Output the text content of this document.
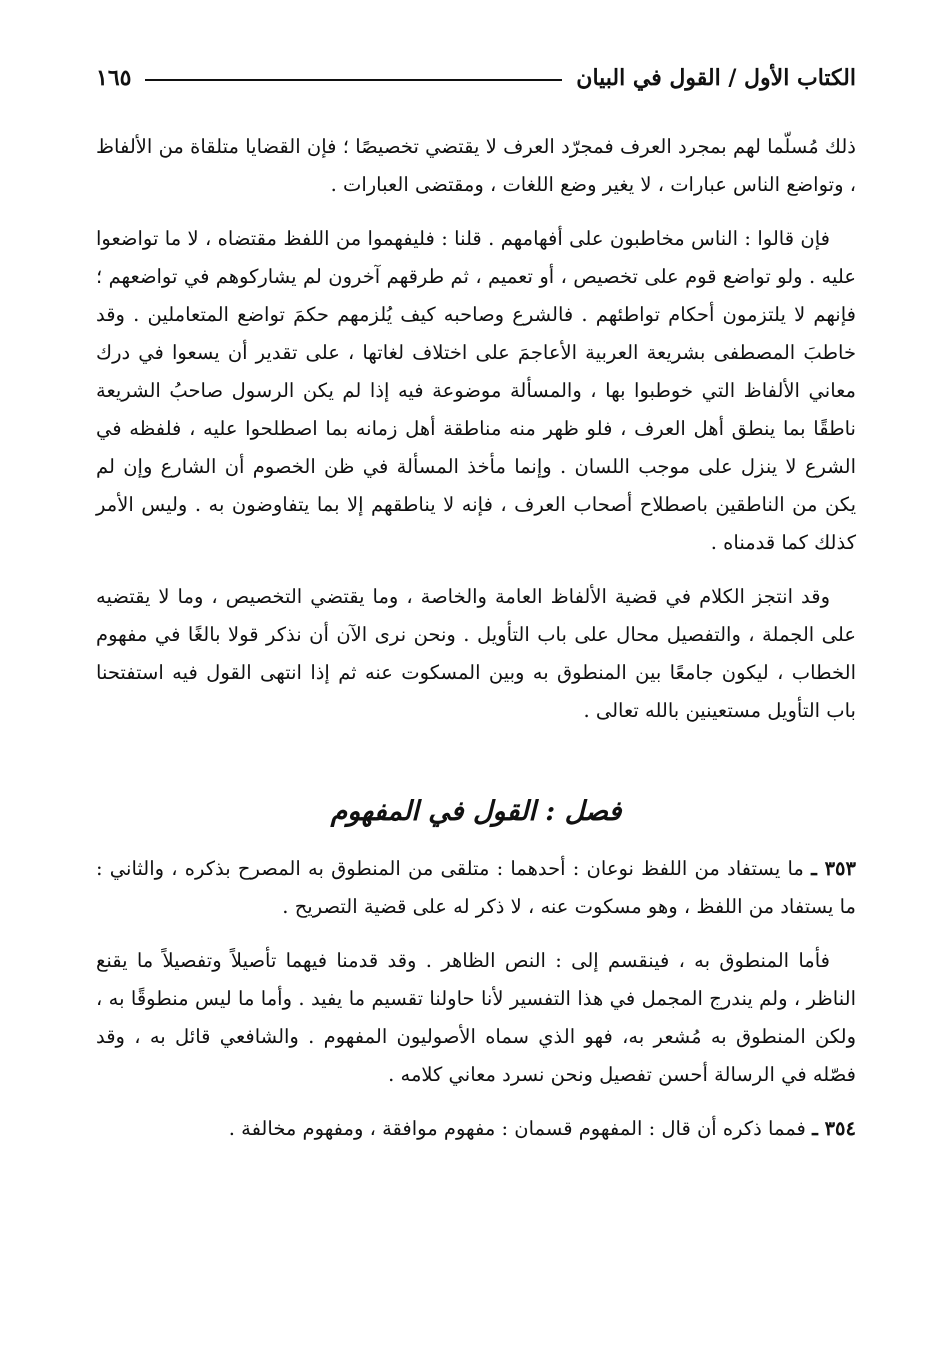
الكتاب الأول / القول في البيان
١٦٥

ذلك مُسلّما لهم بمجرد العرف فمجرّد العرف لا يقتضي تخصيصًا ؛ فإن القضايا متلقاة من الألفاظ ، وتواضع الناس عبارات ، لا يغير وضع اللغات ، ومقتضى العبارات .

فإن قالوا : الناس مخاطبون على أفهامهم . قلنا : فليفهموا من اللفظ مقتضاه ، لا ما تواضعوا عليه . ولو تواضع قوم على تخصيص ، أو تعميم ، ثم طرقهم آخرون لم يشاركوهم في تواضعهم ؛ فإنهم لا يلتزمون أحكام تواطئهم . فالشرع وصاحبه كيف يُلزمهم حكمَ تواضع المتعاملين . وقد خاطبَ المصطفى بشريعة العربية الأعاجمَ على اختلاف لغاتها ، على تقدير أن يسعوا في درك معاني الألفاظ التي خوطبوا بها ، والمسألة موضوعة فيه إذا لم يكن الرسول صاحبُ الشريعة ناطقًا بما ينطق أهل العرف ، فلو ظهر منه مناطقة أهل زمانه بما اصطلحوا عليه ، فلفظه في الشرع لا ينزل على موجب اللسان . وإنما مأخذ المسألة في ظن الخصوم أن الشارع وإن لم يكن من الناطقين باصطلاح أصحاب العرف ، فإنه لا يناطقهم إلا بما يتفاوضون به . وليس الأمر كذلك كما قدمناه .

وقد انتجز الكلام في قضية الألفاظ العامة والخاصة ، وما يقتضي التخصيص ، وما لا يقتضيه على الجملة ، والتفصيل محال على باب التأويل . ونحن نرى الآن أن نذكر قولا بالغًا في مفهوم الخطاب ، ليكون جامعًا بين المنطوق به وبين المسكوت عنه ثم إذا انتهى القول فيه استفتحنا باب التأويل مستعينين بالله تعالى .

فصل : القول في المفهوم

٣٥٣ ـ ما يستفاد من اللفظ نوعان : أحدهما : متلقى من المنطوق به المصرح بذكره ، والثاني : ما يستفاد من اللفظ ، وهو مسكوت عنه ، لا ذكر له على قضية التصريح .

فأما المنطوق به ، فينقسم إلى : النص الظاهر . وقد قدمنا فيهما تأصيلاً وتفصيلاً ما يقنع الناظر ، ولم يندرج المجمل في هذا التفسير لأنا حاولنا تقسيم ما يفيد . وأما ما ليس منطوقًا به ، ولكن المنطوق به مُشعر به، فهو الذي سماه الأصوليون المفهوم . والشافعي قائل به ، وقد فصّله في الرسالة أحسن تفصيل ونحن نسرد معاني كلامه .

٣٥٤ ـ فمما ذكره أن قال : المفهوم قسمان : مفهوم موافقة ، ومفهوم مخالفة .
